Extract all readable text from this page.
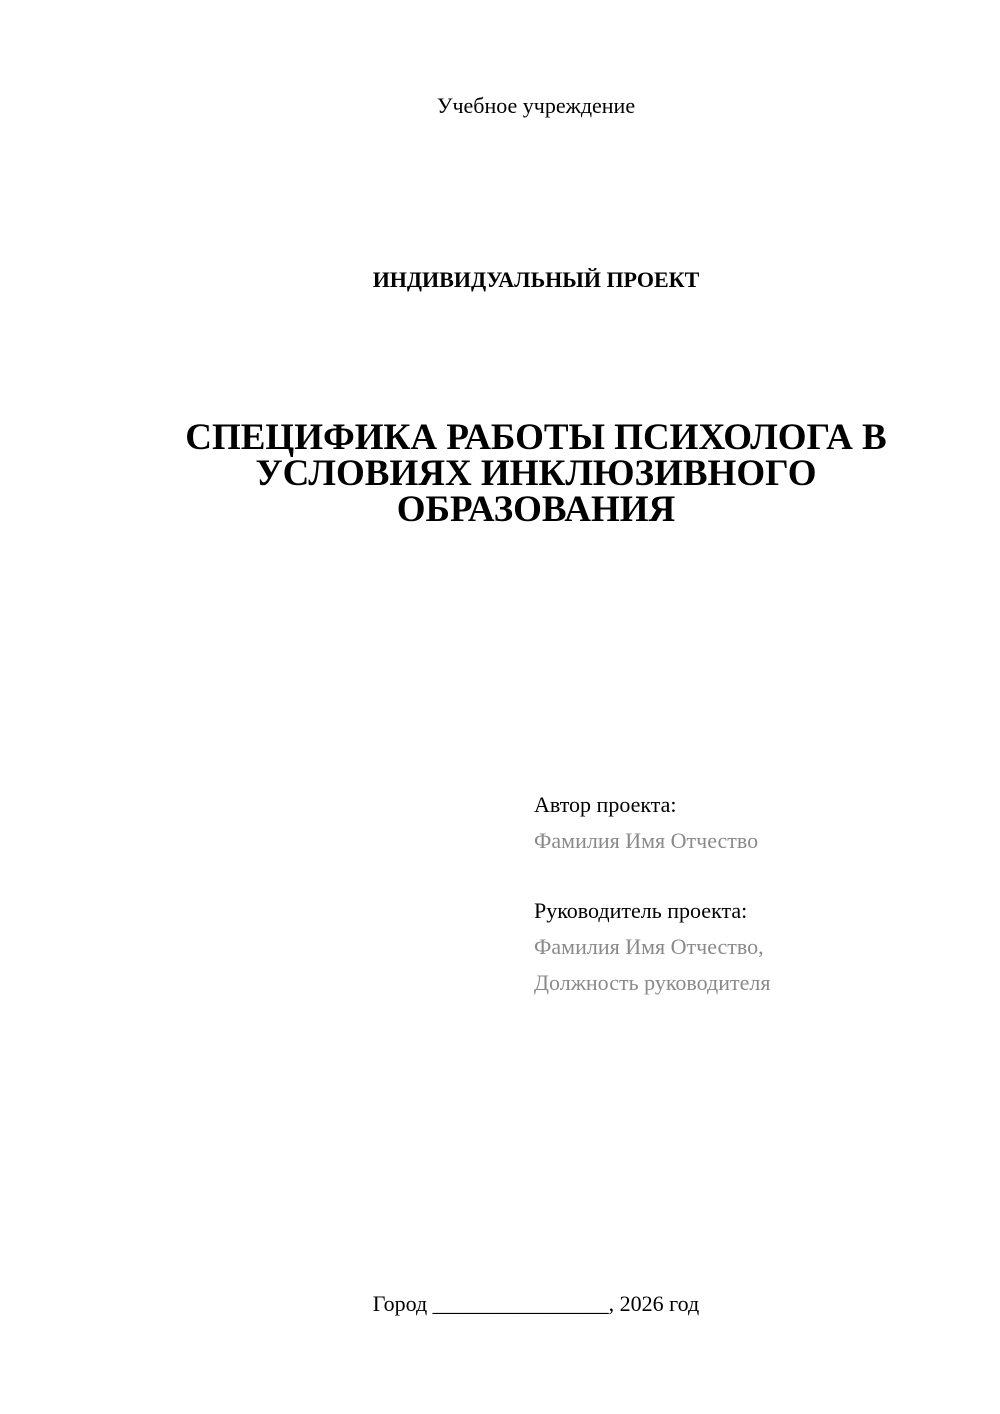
Учебное учреждение
ИНДИВИДУАЛЬНЫЙ ПРОЕКТ
СПЕЦИФИКА РАБОТЫ ПСИХОЛОГА В
УСЛОВИЯХ ИНКЛЮЗИВНОГО
ОБРАЗОВАНИЯ
Автор проекта:
Фамилия Имя Отчество
Руководитель проекта:
Фамилия Имя Отчество,
Должность руководителя
Город ________________, 2026 год
